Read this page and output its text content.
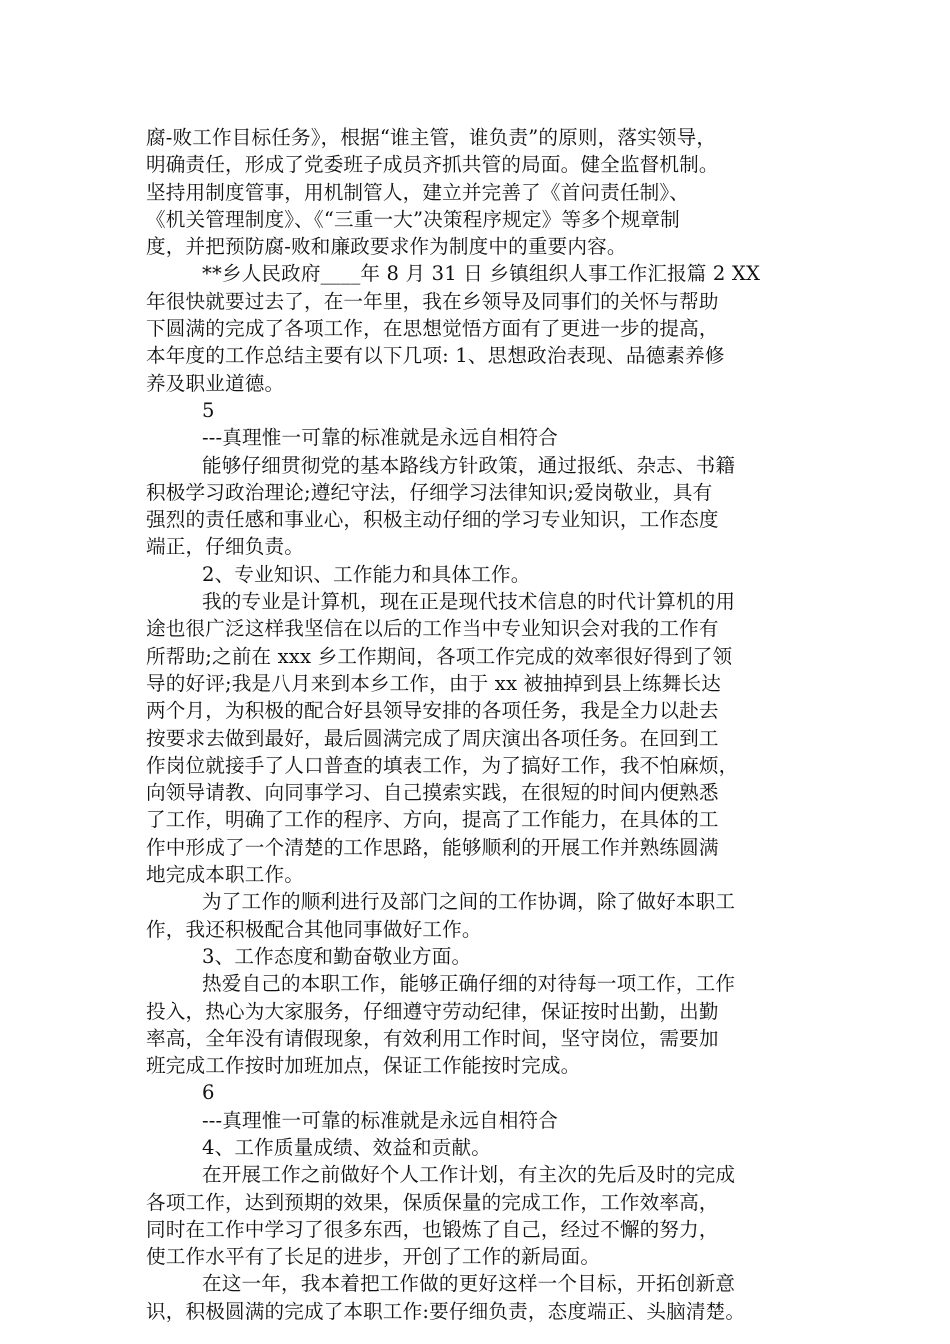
腐-败工作目标任务》，根据“谁主管，谁负责”的原则，落实领导，
明确责任，形成了党委班子成员齐抓共管的局面。健全监督机制。
坚持用制度管事，用机制管人，建立并完善了《首问责任制》、
《机关管理制度》、《“三重一大”决策程序规定》等多个规章制
度，并把预防腐-败和廉政要求作为制度中的重要内容。
**乡人民政府____年 8 月 31 日 乡镇组织人事工作汇报篇 2 XX
年很快就要过去了，在一年里，我在乡领导及同事们的关怀与帮助
下圆满的完成了各项工作，在思想觉悟方面有了更进一步的提高，
本年度的工作总结主要有以下几项: 1、思想政治表现、品德素养修
养及职业道德。
5
---真理惟一可靠的标准就是永远自相符合
能够仔细贯彻党的基本路线方针政策，通过报纸、杂志、书籍
积极学习政治理论;遵纪守法，仔细学习法律知识;爱岗敬业，具有
强烈的责任感和事业心，积极主动仔细的学习专业知识，工作态度
端正，仔细负责。
2、专业知识、工作能力和具体工作。
我的专业是计算机，现在正是现代技术信息的时代计算机的用
途也很广泛这样我坚信在以后的工作当中专业知识会对我的工作有
所帮助;之前在 xxx 乡工作期间，各项工作完成的效率很好得到了领
导的好评;我是八月来到本乡工作，由于 xx 被抽掉到县上练舞长达
两个月，为积极的配合好县领导安排的各项任务，我是全力以赴去
按要求去做到最好，最后圆满完成了周庆演出各项任务。在回到工
作岗位就接手了人口普查的填表工作，为了搞好工作，我不怕麻烦，
向领导请教、向同事学习、自己摸索实践，在很短的时间内便熟悉
了工作，明确了工作的程序、方向，提高了工作能力，在具体的工
作中形成了一个清楚的工作思路，能够顺利的开展工作并熟练圆满
地完成本职工作。
为了工作的顺利进行及部门之间的工作协调，除了做好本职工
作，我还积极配合其他同事做好工作。
3、工作态度和勤奋敬业方面。
热爱自己的本职工作，能够正确仔细的对待每一项工作，工作
投入，热心为大家服务，仔细遵守劳动纪律，保证按时出勤，出勤
率高，全年没有请假现象，有效利用工作时间，坚守岗位，需要加
班完成工作按时加班加点，保证工作能按时完成。
6
---真理惟一可靠的标准就是永远自相符合
4、工作质量成绩、效益和贡献。
在开展工作之前做好个人工作计划，有主次的先后及时的完成
各项工作，达到预期的效果，保质保量的完成工作，工作效率高，
同时在工作中学习了很多东西，也锻炼了自己，经过不懈的努力，
使工作水平有了长足的进步，开创了工作的新局面。
在这一年，我本着把工作做的更好这样一个目标，开拓创新意
识，积极圆满的完成了本职工作:要仔细负责，态度端正、头脑清楚。
